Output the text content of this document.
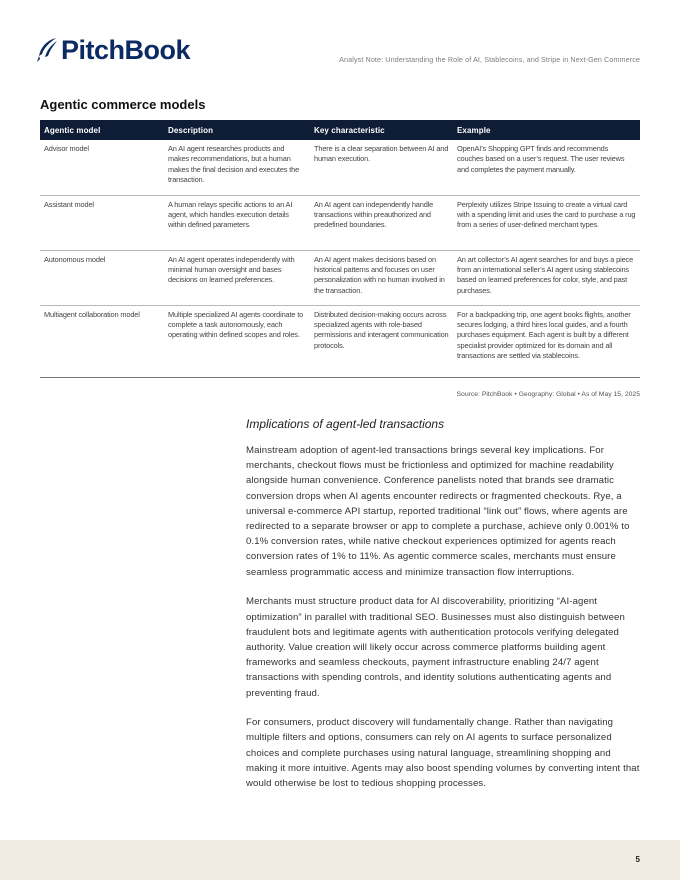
PitchBook	Analyst Note: Understanding the Role of AI, Stablecoins, and Stripe in Next-Gen Commerce
Agentic commerce models
Agentic model	Description	Key characteristic	Example
Advisor model	An AI agent researches products and makes recommendations, but a human makes the final decision and executes the transaction.	There is a clear separation between AI and human execution.	OpenAI’s Shopping GPT finds and recommends couches based on a user’s request. The user reviews and completes the payment manually.
Assistant model	A human relays specific actions to an AI agent, which handles execution details within defined parameters.	An AI agent can independently handle transactions within preauthorized and predefined boundaries.	Perplexity utilizes Stripe Issuing to create a virtual card with a spending limit and uses the card to purchase a rug from a series of user-defined merchant types.
Autonomous model	An AI agent operates independently with minimal human oversight and bases decisions on learned preferences.	An AI agent makes decisions based on historical patterns and focuses on user personalization with no human involved in the transaction.	An art collector’s AI agent searches for and buys a piece from an international seller’s AI agent using stablecoins based on learned preferences for color, style, and past purchases.
Multiagent collaboration model	Multiple specialized AI agents coordinate to complete a task autonomously, each operating within defined scopes and roles.	Distributed decision-making occurs across specialized agents with role-based permissions and interagent communication protocols.	For a backpacking trip, one agent books flights, another secures lodging, a third hires local guides, and a fourth purchases equipment. Each agent is built by a different specialist provider optimized for its domain and all transactions are settled via stablecoins.
Source: PitchBook • Geography: Global • As of May 15, 2025
Implications of agent-led transactions

Mainstream adoption of agent-led transactions brings several key implications. For merchants, checkout flows must be frictionless and optimized for machine readability alongside human convenience. Conference panelists noted that brands see dramatic conversion drops when AI agents encounter redirects or fragmented checkouts. Rye, a universal e-commerce API startup, reported traditional “link out” flows, where agents are redirected to a separate browser or app to complete a purchase, achieve only 0.001% to 0.1% conversion rates, while native checkout experiences optimized for agents reach conversion rates of 1% to 11%. As agentic commerce scales, merchants must ensure seamless programmatic access and minimize transaction flow interruptions.

Merchants must structure product data for AI discoverability, prioritizing “AI-agent optimization” in parallel with traditional SEO. Businesses must also distinguish between fraudulent bots and legitimate agents with authentication protocols verifying delegated authority. Value creation will likely occur across commerce platforms building agent frameworks and seamless checkouts, payment infrastructure enabling 24/7 agent transactions with spending controls, and identity solutions authenticating agents and preventing fraud.

For consumers, product discovery will fundamentally change. Rather than navigating multiple filters and options, consumers can rely on AI agents to surface personalized choices and complete purchases using natural language, streamlining shopping and making it more intuitive. Agents may also boost spending volumes by converting intent that would otherwise be lost to tedious shopping processes.

5
